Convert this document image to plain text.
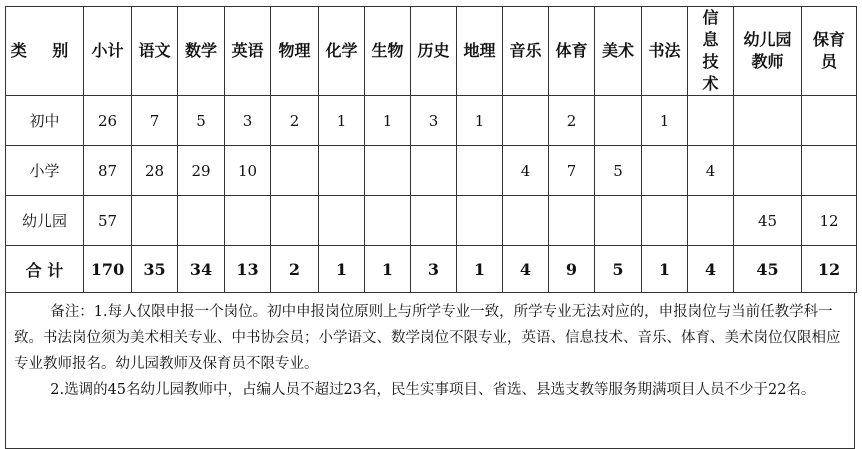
类 别	小计	语文	数学	英语	物理	化学	生物	历史	地理	音乐	体育	美术	书法	信息技术	幼儿园教师	保育员
初中	26	7	5	3	2	1	1	3	1		2		1			
小学	87	28	29	10						4	7	5		4		
幼儿园	57														45	12
合 计	170	35	34	13	2	1	1	3	1	4	9	5	1	4	45	12

备注：1.每人仅限申报一个岗位。初中申报岗位原则上与所学专业一致，所学专业无法对应的，申报岗位与当前任教学科一致。书法岗位须为美术相关专业、中书协会员；小学语文、数学岗位不限专业，英语、信息技术、音乐、体育、美术岗位仅限相应专业教师报名。幼儿园教师及保育员不限专业。

2.选调的45名幼儿园教师中，占编人员不超过23名，民生实事项目、省选、县选支教等服务期满项目人员不少于22名。
